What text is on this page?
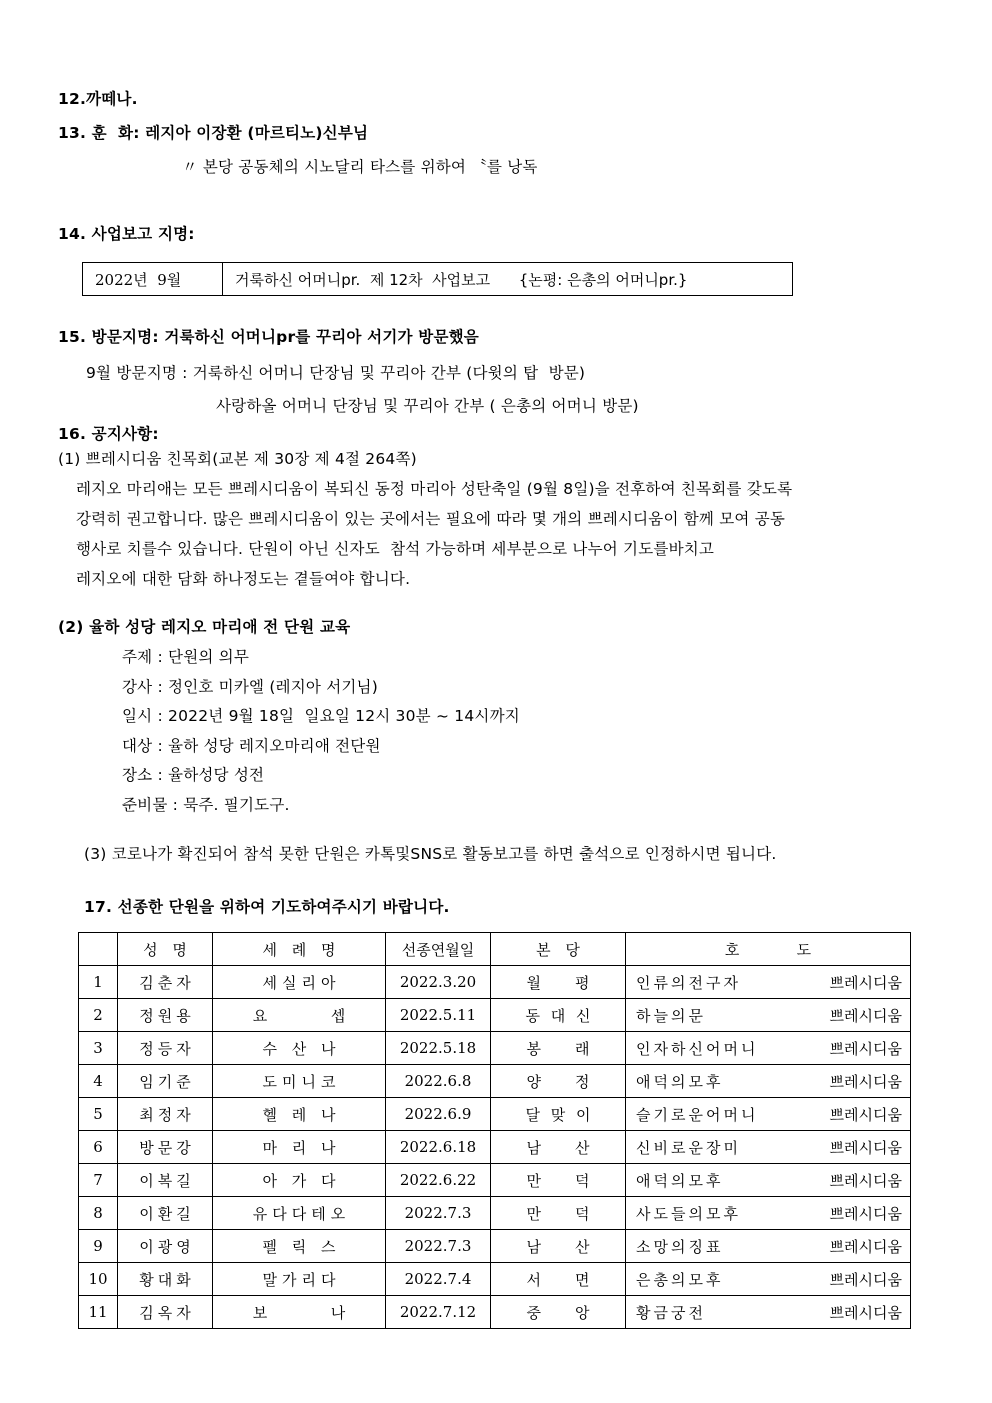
12.까떼나.
13. 훈  화: 레지아 이장환 (마르티노)신부님
〃 본당 공동체의 시노달리 타스를 위하여 〝를 낭독
14. 사업보고 지명:
2022년  9월	거룩하신 어머니pr.  제 12차  사업보고      {논평: 은총의 어머니pr.}
15. 방문지명: 거룩하신 어머니pr를 꾸리아 서기가 방문했음
9월 방문지명 : 거룩하신 어머니 단장님 및 꾸리아 간부 (다윗의 탑  방문)
사랑하올 어머니 단장님 및 꾸리아 간부 ( 은총의 어머니 방문)
16. 공지사항:
(1) 쁘레시디움 친목회(교본 제 30장 제 4절 264쪽)
레지오 마리애는 모든 쁘레시디움이 복되신 동정 마리아 성탄축일 (9월 8일)을 전후하여 친목회를 갖도록
강력히 권고합니다. 많은 쁘레시디움이 있는 곳에서는 필요에 따라 몇 개의 쁘레시디움이 함께 모여 공동
행사로 치를수 있습니다. 단원이 아닌 신자도  참석 가능하며 세부분으로 나누어 기도를바치고
레지오에 대한 담화 하나정도는 곁들여야 합니다.
(2) 율하 성당 레지오 마리애 전 단원 교육
주제 : 단원의 의무
강사 : 정인호 미카엘 (레지아 서기님)
일시 : 2022년 9월 18일  일요일 12시 30분 ~ 14시까지
대상 : 율하 성당 레지오마리애 전단원
장소 : 율하성당 성전
준비물 : 묵주. 필기도구.
(3) 코로나가 확진되어 참석 못한 단원은 카톡및SNS로 활동보고를 하면 출석으로 인정하시면 됩니다.
17. 선종한 단원을 위하여 기도하여주시기 바랍니다.

	성 명	세 례 명	선종연월일	본 당	호            도

1	김춘자	세실리아	2022.3.20	월    평	인류의전구자 쁘레시디움

2	정원용	요      셉	2022.5.11	동 대 신	하늘의문 쁘레시디움

3	정등자	수 산 나	2022.5.18	봉    래	인자하신어머니 쁘레시디움

4	임기준	도미니코	2022.6.8	양    정	애덕의모후 쁘레시디움

5	최정자	헬 레 나	2022.6.9	달 맞 이	슬기로운어머니 쁘레시디움

6	방문강	마 리 나	2022.6.18	남    산	신비로운장미 쁘레시디움

7	이복길	아 가 다	2022.6.22	만    덕	애덕의모후 쁘레시디움

8	이환길	유다다테오	2022.7.3	만    덕	사도들의모후 쁘레시디움

9	이광영	펠 릭 스	2022.7.3	남    산	소망의징표 쁘레시디움

10	황대화	말가리다	2022.7.4	서    면	은총의모후 쁘레시디움

11	김옥자	보      나	2022.7.12	중    앙	황금궁전 쁘레시디움
